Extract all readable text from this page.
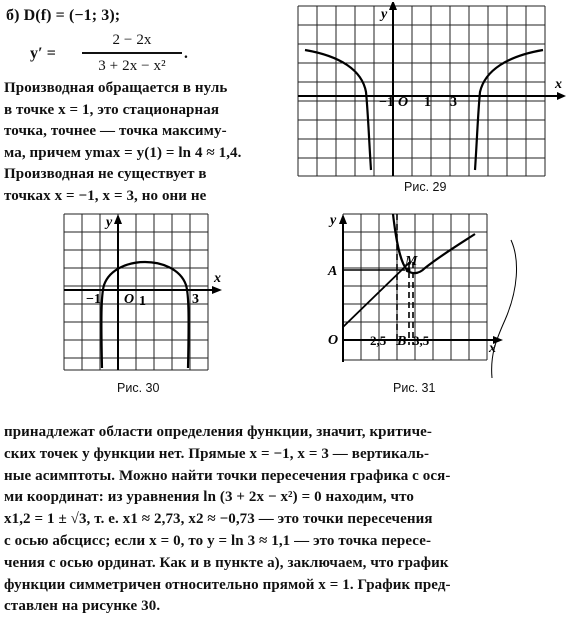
б) D(f) = (−1; 3);
y′ =
2 − 2x
3 + 2x − x²
.

Производная обращается в нуль

в точке x = 1, это стационарная

точка, точнее — точка максиму-

ма, причем ymax = y(1) = ln 4 ≈ 1,4.

Производная не существует в

точках x = −1, x = 3, но они не

y
x
−1 O 1 3
Рис. 29
y
x
−1 O 1	3
Рис. 30
y
x
O
A
M
2,5 B 3,5
Рис. 31

принадлежат области определения функции, значит, критиче-

ских точек у функции нет. Прямые x = −1, x = 3 — вертикаль-

ные асимптоты. Можно найти точки пересечения графика с ося-

ми координат: из уравнения ln (3 + 2x − x²) = 0 находим, что

x1,2 = 1 ± √3, т. е. x1 ≈ 2,73, x2 ≈ −0,73 — это точки пересечения

с осью абсцисс; если x = 0, то y = ln 3 ≈ 1,1 — это точка пересе-

чения с осью ординат. Как и в пункте а), заключаем, что график

функции симметричен относительно прямой x = 1. График пред-

ставлен на рисунке 30.
